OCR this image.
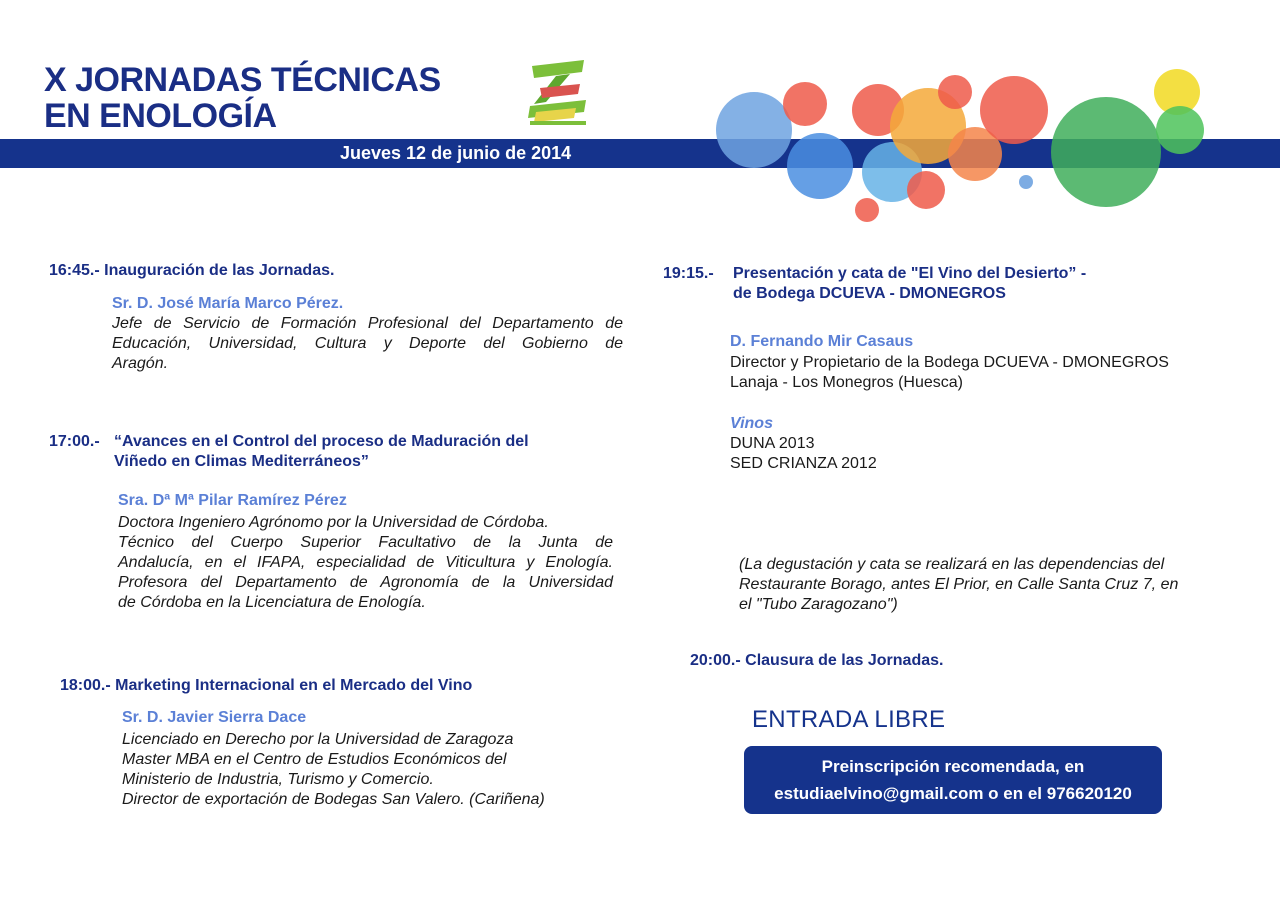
X JORNADAS TÉCNICAS
EN ENOLOGÍA
Jueves 12 de junio de 2014
16:45.- Inauguración de las Jornadas.
Sr. D. José María Marco Pérez.

Jefe de Servicio de Formación Profesional del Departamento de

Educación, Universidad, Cultura y Deporte del Gobierno de

Aragón.

17:00.- “Avances en el Control del proceso de Maduración del
Viñedo en Climas Mediterráneos”
Sra. Dª Mª Pilar Ramírez Pérez

Doctora Ingeniero Agrónomo por la Universidad de Córdoba.

Técnico del Cuerpo Superior Facultativo de la Junta de

Andalucía, en el IFAPA, especialidad de Viticultura y Enología.

Profesora del Departamento de Agronomía de la Universidad

de Córdoba en la Licenciatura de Enología.

18:00.- Marketing Internacional en el Mercado del Vino
Sr. D. Javier Sierra Dace

Licenciado en Derecho por la Universidad de Zaragoza

Master MBA en el Centro de Estudios Económicos del

Ministerio de Industria, Turismo y Comercio.

Director de exportación de Bodegas San Valero. (Cariñena)

19:15.- Presentación y cata de "El Vino del Desierto” -
de Bodega DCUEVA - DMONEGROS
D. Fernando Mir Casaus
Director y Propietario de la Bodega DCUEVA - DMONEGROS
Lanaja - Los Monegros (Huesca)
Vinos
DUNA 2013
SED CRIANZA 2012
(La degustación y cata se realizará en las dependencias del
Restaurante Borago, antes El Prior, en Calle Santa Cruz 7, en
el "Tubo Zaragozano")
20:00.- Clausura de las Jornadas.
ENTRADA LIBRE
Preinscripción recomendada, en
estudiaelvino@gmail.com o en el 976620120
